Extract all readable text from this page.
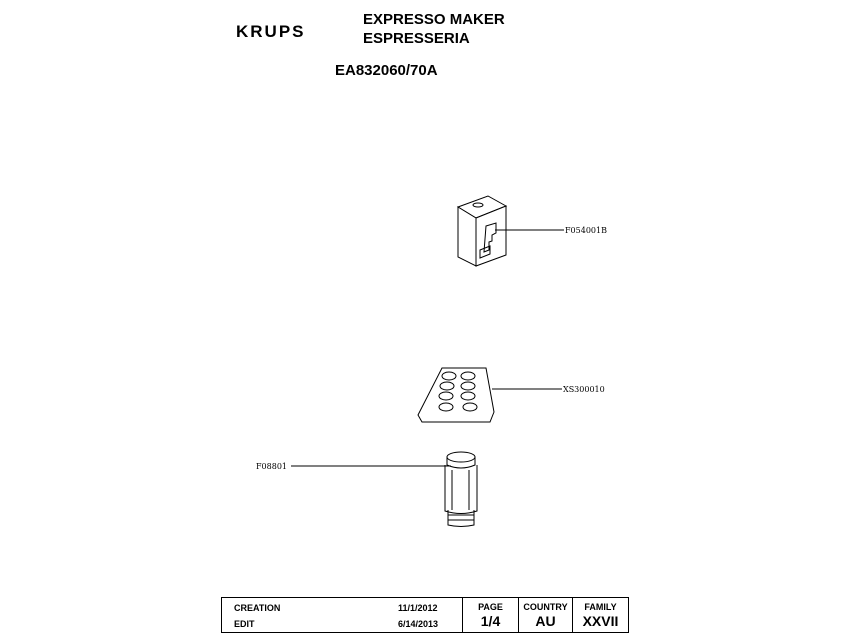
KRUPS
EXPRESSO MAKER
ESPRESSERIA
EA832060/70A
F054001B
XS300010
F08801
CREATION	11/1/2012
EDIT	6/14/2013
PAGE
1/4
COUNTRY
AU
FAMILY
XXVII
